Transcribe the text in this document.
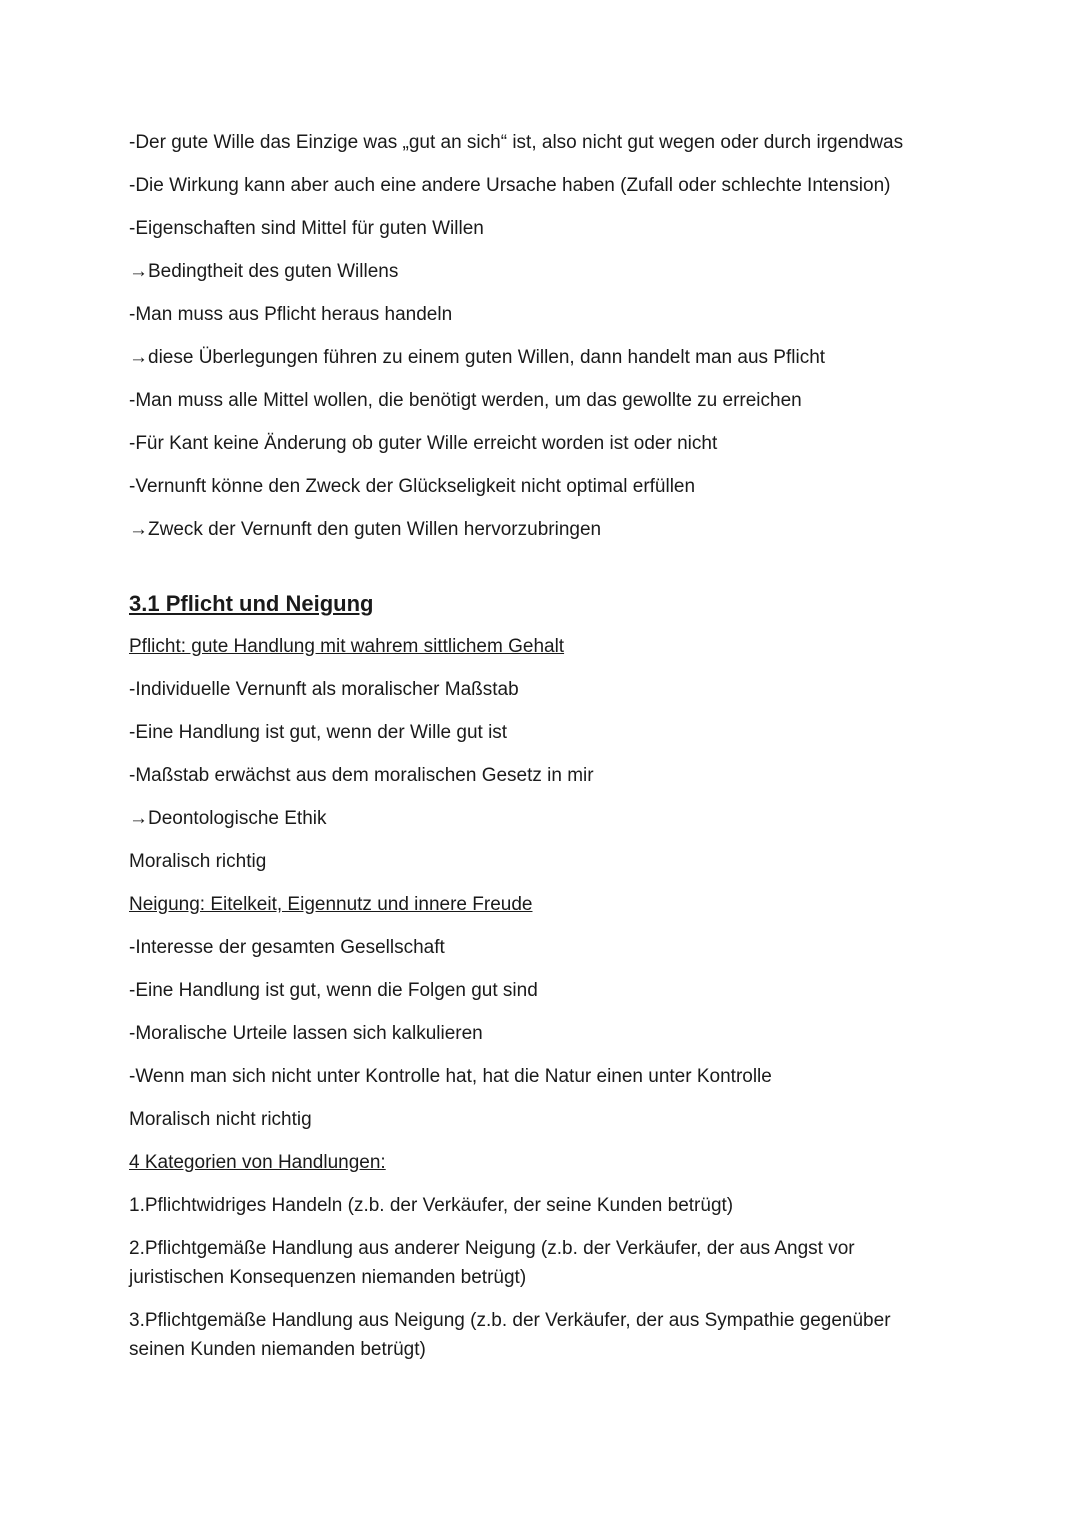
-Der gute Wille das Einzige was „gut an sich“ ist, also nicht gut wegen oder durch irgendwas

-Die Wirkung kann aber auch eine andere Ursache haben (Zufall oder schlechte Intension)

-Eigenschaften sind Mittel für guten Willen

→Bedingtheit des guten Willens

-Man muss aus Pflicht heraus handeln

→diese Überlegungen führen zu einem guten Willen, dann handelt man aus Pflicht

-Man muss alle Mittel wollen, die benötigt werden, um das gewollte zu erreichen

-Für Kant keine Änderung ob guter Wille erreicht worden ist oder nicht

-Vernunft könne den Zweck der Glückseligkeit nicht optimal erfüllen

→Zweck der Vernunft den guten Willen hervorzubringen

3.1 Pflicht und Neigung

Pflicht: gute Handlung mit wahrem sittlichem Gehalt

-Individuelle Vernunft als moralischer Maßstab

-Eine Handlung ist gut, wenn der Wille gut ist

-Maßstab erwächst aus dem moralischen Gesetz in mir

→Deontologische Ethik

Moralisch richtig

Neigung: Eitelkeit, Eigennutz und innere Freude

-Interesse der gesamten Gesellschaft

-Eine Handlung ist gut, wenn die Folgen gut sind

-Moralische Urteile lassen sich kalkulieren

-Wenn man sich nicht unter Kontrolle hat, hat die Natur einen unter Kontrolle

Moralisch nicht richtig

4 Kategorien von Handlungen:

1.Pflichtwidriges Handeln (z.b. der Verkäufer, der seine Kunden betrügt)

2.Pflichtgemäße Handlung aus anderer Neigung (z.b. der Verkäufer, der aus Angst vor juristischen Konsequenzen niemanden betrügt)

3.Pflichtgemäße Handlung aus Neigung (z.b. der Verkäufer, der aus Sympathie gegenüber seinen Kunden niemanden betrügt)
